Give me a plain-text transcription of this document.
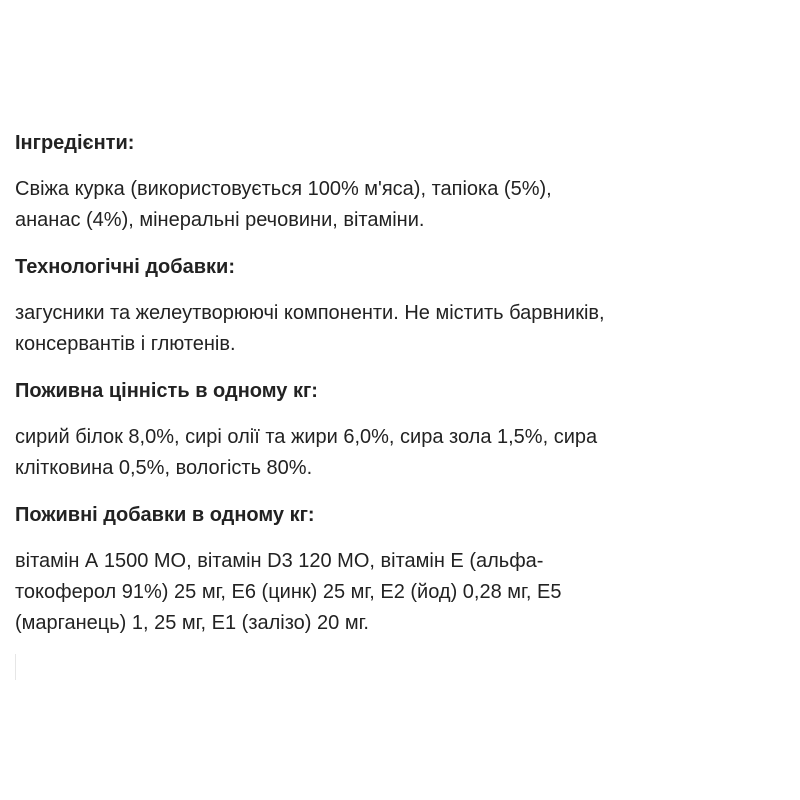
Інгредієнти:
Свіжа курка (використовується 100% м'яса), тапіока (5%),
ананас (4%), мінеральні речовини, вітаміни.
Технологічні добавки:
загусники та желеутворюючі компоненти. Не містить барвників,
консервантів і глютенів.
Поживна цінність в одному кг:
сирий білок 8,0%, сирі олії та жири 6,0%, сира зола 1,5%, сира
клітковина 0,5%, вологість 80%.
Поживні добавки в одному кг:
вітамін А 1500 МО, вітамін D3 120 МО, вітамін Е (альфа-
токоферол 91%) 25 мг, Е6 (цинк) 25 мг, Е2 (йод) 0,28 мг, Е5
(марганець) 1, 25 мг, Е1 (залізо) 20 мг.
